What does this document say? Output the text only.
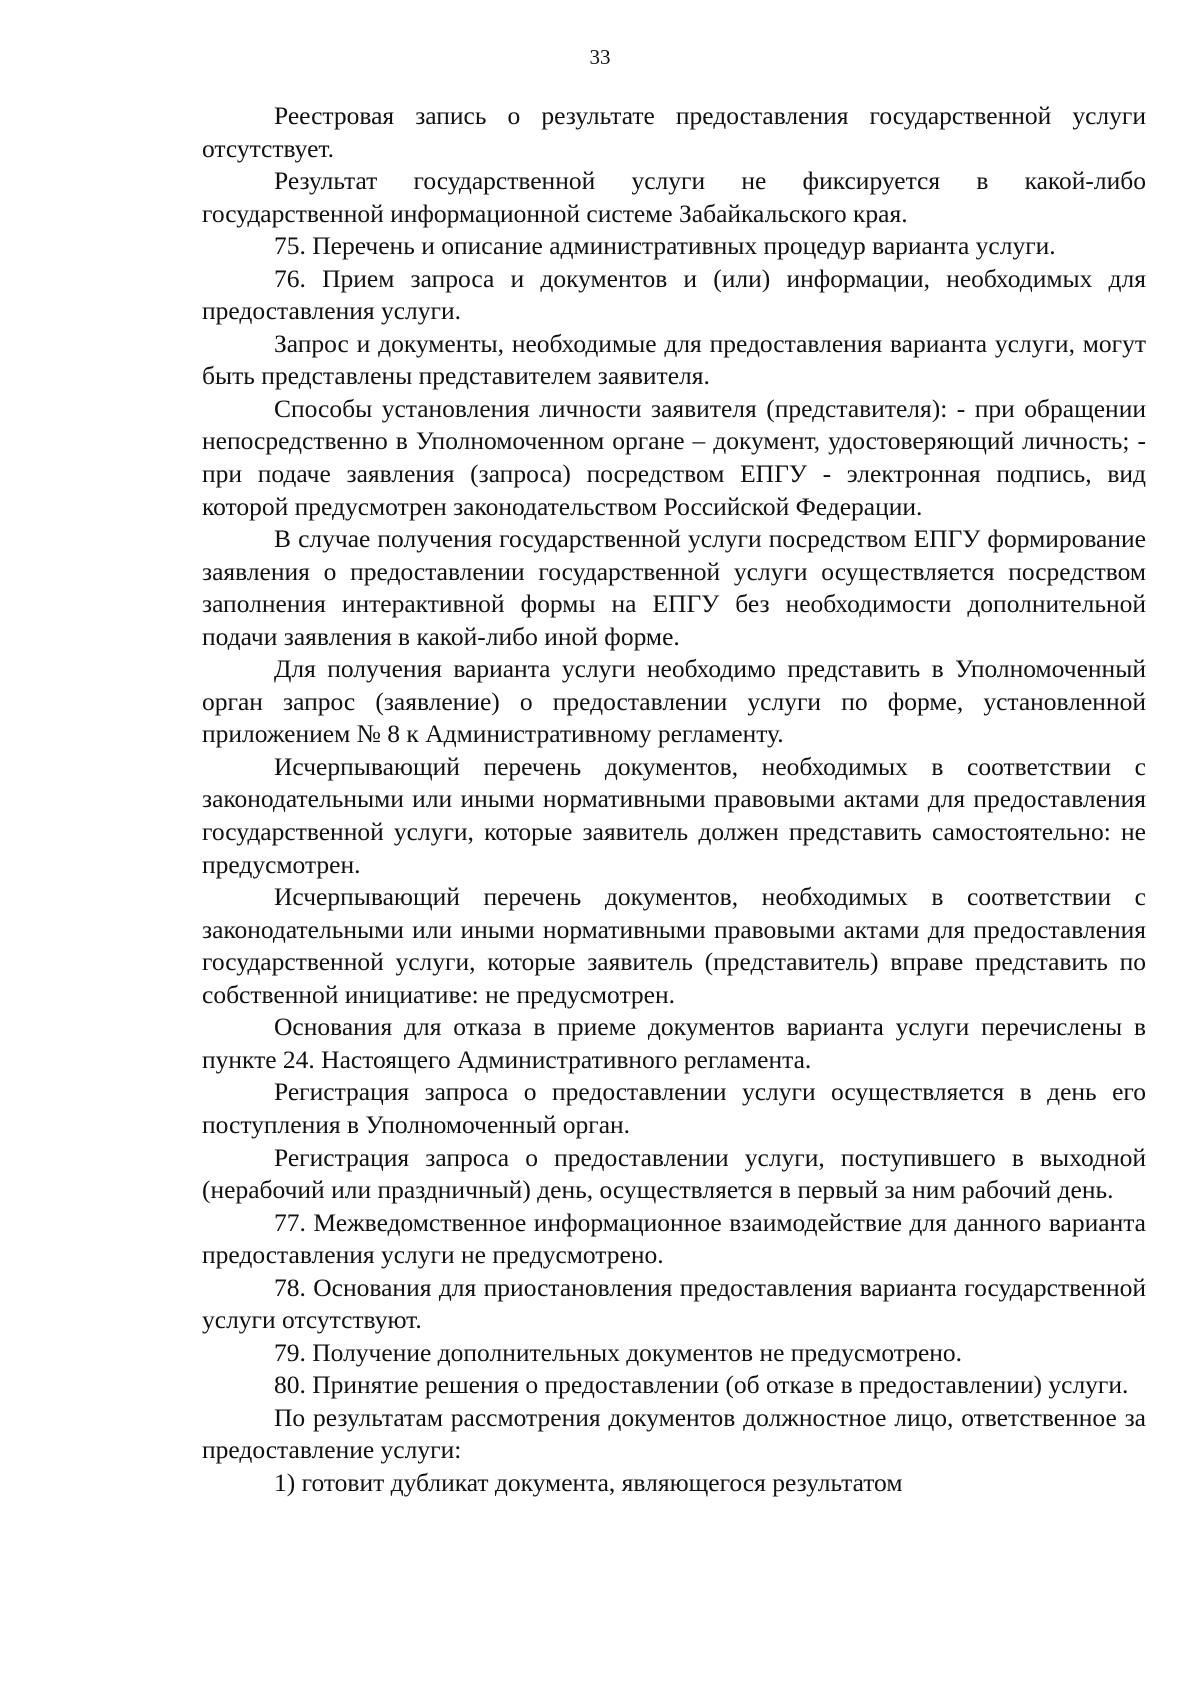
33

Реестровая запись о результате предоставления государственной услуги отсутствует.

Результат государственной услуги не фиксируется в какой-либо государственной информационной системе Забайкальского края.

75. Перечень и описание административных процедур варианта услуги.

76. Прием запроса и документов и (или) информации, необходимых для предоставления услуги.

Запрос и документы, необходимые для предоставления варианта услуги, могут быть представлены представителем заявителя.

Способы установления личности заявителя (представителя): - при обращении непосредственно в Уполномоченном органе – документ, удостоверяющий личность; - при подаче заявления (запроса) посредством ЕПГУ - электронная подпись, вид которой предусмотрен законодательством Российской Федерации.

В случае получения государственной услуги посредством ЕПГУ формирование заявления о предоставлении государственной услуги осуществляется посредством заполнения интерактивной формы на ЕПГУ без необходимости дополнительной подачи заявления в какой-либо иной форме.

Для получения варианта услуги необходимо представить в Уполномоченный орган запрос (заявление) о предоставлении услуги по форме, установленной приложением № 8 к Административному регламенту.

Исчерпывающий перечень документов, необходимых в соответствии с законодательными или иными нормативными правовыми актами для предоставления государственной услуги, которые заявитель должен представить самостоятельно: не предусмотрен.

Исчерпывающий перечень документов, необходимых в соответствии с законодательными или иными нормативными правовыми актами для предоставления государственной услуги, которые заявитель (представитель) вправе представить по собственной инициативе: не предусмотрен.

Основания для отказа в приеме документов варианта услуги перечислены в пункте 24. Настоящего Административного регламента.

Регистрация запроса о предоставлении услуги осуществляется в день его поступления в Уполномоченный орган.

Регистрация запроса о предоставлении услуги, поступившего в выходной (нерабочий или праздничный) день, осуществляется в первый за ним рабочий день.

77. Межведомственное информационное взаимодействие для данного варианта предоставления услуги не предусмотрено.

78. Основания для приостановления предоставления варианта государственной услуги отсутствуют.

79. Получение дополнительных документов не предусмотрено.

80. Принятие решения о предоставлении (об отказе в предоставлении) услуги.

По результатам рассмотрения документов должностное лицо, ответственное за предоставление услуги:

1) готовит дубликат документа, являющегося результатом
